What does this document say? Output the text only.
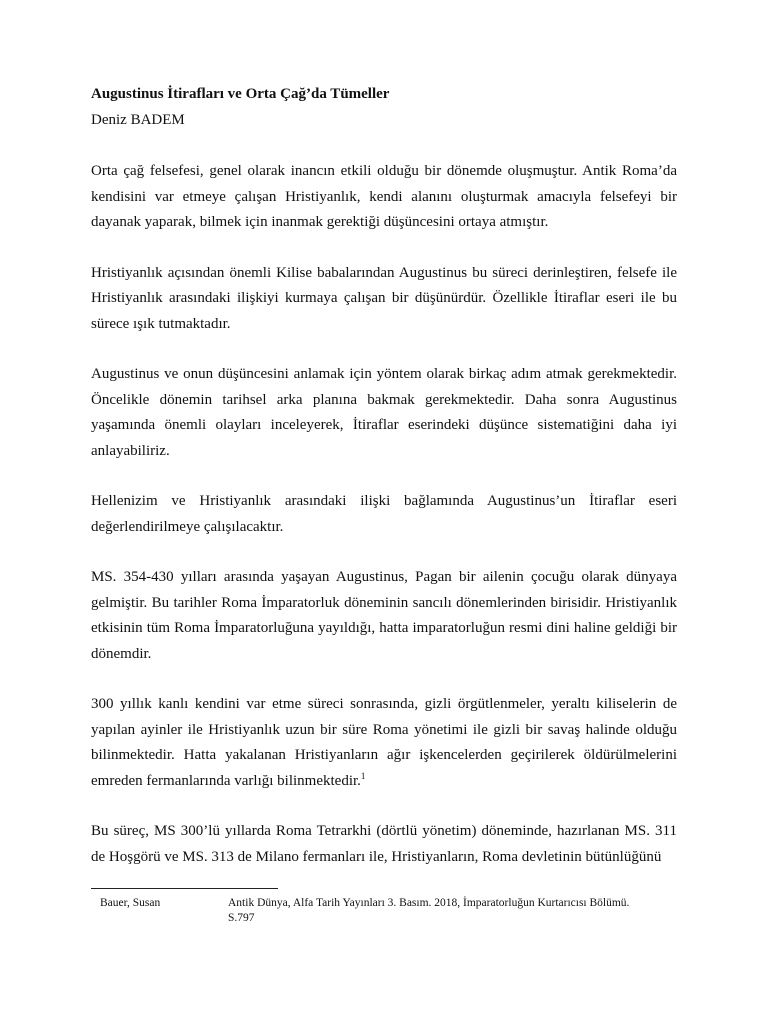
Augustinus İtirafları ve Orta Çağ’da Tümeller

Deniz BADEM

Orta çağ felsefesi, genel olarak inancın etkili olduğu bir dönemde oluşmuştur. Antik Roma’da kendisini var etmeye çalışan Hristiyanlık, kendi alanını oluşturmak amacıyla felsefeyi bir dayanak yaparak, bilmek için inanmak gerektiği düşüncesini ortaya atmıştır.

Hristiyanlık açısından önemli Kilise babalarından Augustinus bu süreci derinleştiren, felsefe ile Hristiyanlık arasındaki ilişkiyi kurmaya çalışan bir düşünürdür. Özellikle İtiraflar eseri ile bu sürece ışık tutmaktadır.

Augustinus ve onun düşüncesini anlamak için yöntem olarak birkaç adım atmak gerekmektedir. Öncelikle dönemin tarihsel arka planına bakmak gerekmektedir. Daha sonra Augustinus yaşamında önemli olayları inceleyerek, İtiraflar eserindeki düşünce sistematiğini daha iyi anlayabiliriz.

Hellenizim ve Hristiyanlık arasındaki ilişki bağlamında Augustinus’un İtiraflar eseri değerlendirilmeye çalışılacaktır.

MS. 354-430 yılları arasında yaşayan Augustinus, Pagan bir ailenin çocuğu olarak dünyaya gelmiştir. Bu tarihler Roma İmparatorluk döneminin sancılı dönemlerinden birisidir. Hristiyanlık etkisinin tüm Roma İmparatorluğuna yayıldığı, hatta imparatorluğun resmi dini haline geldiği bir dönemdir.

300 yıllık kanlı kendini var etme süreci sonrasında, gizli örgütlenmeler, yeraltı kiliselerin de yapılan ayinler ile Hristiyanlık uzun bir süre Roma yönetimi ile gizli bir savaş halinde olduğu bilinmektedir. Hatta yakalanan Hristiyanların ağır işkencelerden geçirilerek öldürülmelerini emreden fermanlarında varlığı bilinmektedir.$^1$

Bu süreç, MS 300’lü yıllarda Roma Tetrarkhi (dörtlü yönetim) döneminde, hazırlanan MS. 311 de Hoşgörü ve MS. 313 de Milano fermanları ile, Hristiyanların, Roma devletinin bütünlüğünü

Bauer, Susan	Antik Dünya, Alfa Tarih Yayınları 3. Basım. 2018, İmparatorluğun Kurtarıcısı Bölümü. S.797
